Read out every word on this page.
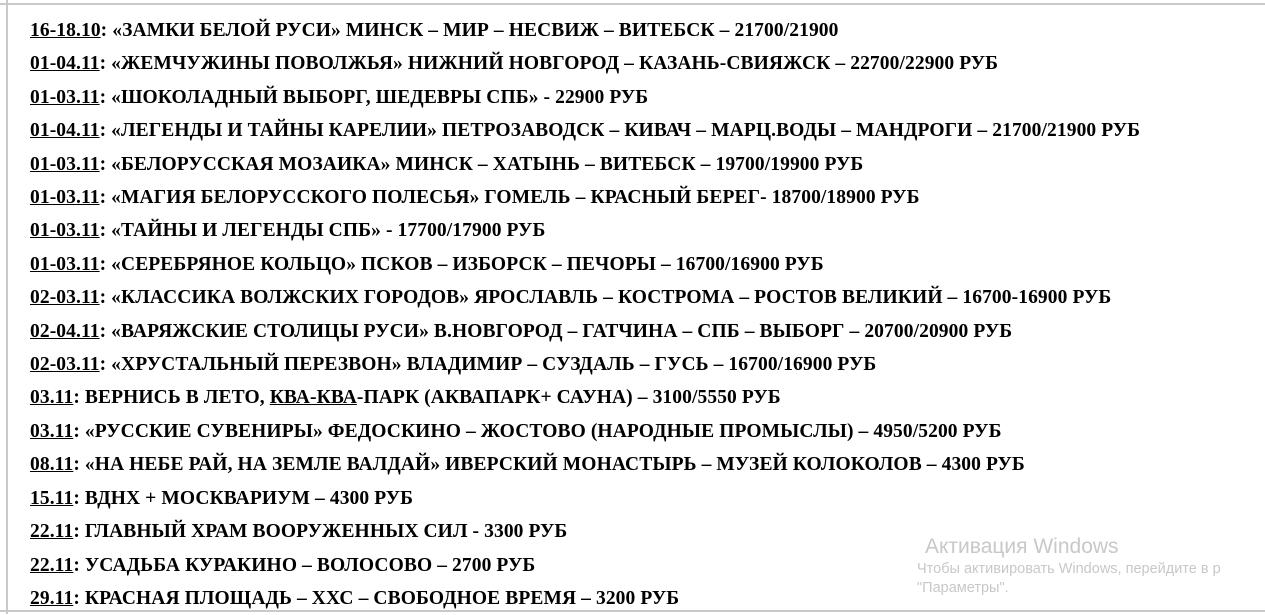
16-18.10: «ЗАМКИ БЕЛОЙ РУСИ» МИНСК – МИР – НЕСВИЖ – ВИТЕБСК – 21700/21900
01-04.11: «ЖЕМЧУЖИНЫ ПОВОЛЖЬЯ» НИЖНИЙ НОВГОРОД – КАЗАНЬ-СВИЯЖСК – 22700/22900 РУБ
01-03.11: «ШОКОЛАДНЫЙ ВЫБОРГ, ШЕДЕВРЫ СПБ» - 22900 РУБ
01-04.11: «ЛЕГЕНДЫ И ТАЙНЫ КАРЕЛИИ» ПЕТРОЗАВОДСК – КИВАЧ – МАРЦ.ВОДЫ – МАНДРОГИ – 21700/21900 РУБ
01-03.11: «БЕЛОРУССКАЯ МОЗАИКА» МИНСК – ХАТЫНЬ – ВИТЕБСК – 19700/19900 РУБ
01-03.11: «МАГИЯ БЕЛОРУССКОГО ПОЛЕСЬЯ» ГОМЕЛЬ – КРАСНЫЙ БЕРЕГ- 18700/18900 РУБ
01-03.11: «ТАЙНЫ И ЛЕГЕНДЫ СПБ» - 17700/17900 РУБ
01-03.11: «СЕРЕБРЯНОЕ КОЛЬЦО» ПСКОВ – ИЗБОРСК – ПЕЧОРЫ – 16700/16900 РУБ
02-03.11: «КЛАССИКА ВОЛЖСКИХ ГОРОДОВ» ЯРОСЛАВЛЬ – КОСТРОМА – РОСТОВ ВЕЛИКИЙ – 16700-16900 РУБ
02-04.11: «ВАРЯЖСКИЕ СТОЛИЦЫ РУСИ» В.НОВГОРОД – ГАТЧИНА – СПБ – ВЫБОРГ – 20700/20900 РУБ
02-03.11: «ХРУСТАЛЬНЫЙ ПЕРЕЗВОН» ВЛАДИМИР – СУЗДАЛЬ – ГУСЬ – 16700/16900 РУБ
03.11: ВЕРНИСЬ В ЛЕТО, КВА-КВА-ПАРК (АКВАПАРК+ САУНА) – 3100/5550 РУБ
03.11: «РУССКИЕ СУВЕНИРЫ» ФЕДОСКИНО – ЖОСТОВО (НАРОДНЫЕ ПРОМЫСЛЫ) – 4950/5200 РУБ
08.11: «НА НЕБЕ РАЙ, НА ЗЕМЛЕ ВАЛДАЙ» ИВЕРСКИЙ МОНАСТЫРЬ – МУЗЕЙ КОЛОКОЛОВ – 4300 РУБ
15.11: ВДНХ + МОСКВАРИУМ – 4300 РУБ
22.11: ГЛАВНЫЙ ХРАМ ВООРУЖЕННЫХ СИЛ - 3300 РУБ
22.11: УСАДЬБА КУРАКИНО – ВОЛОСОВО – 2700 РУБ
29.11: КРАСНАЯ ПЛОЩАДЬ – ХХС – СВОБОДНОЕ ВРЕМЯ – 3200 РУБ
Активация Windows
Чтобы активировать Windows, перейдите в р
"Параметры".
